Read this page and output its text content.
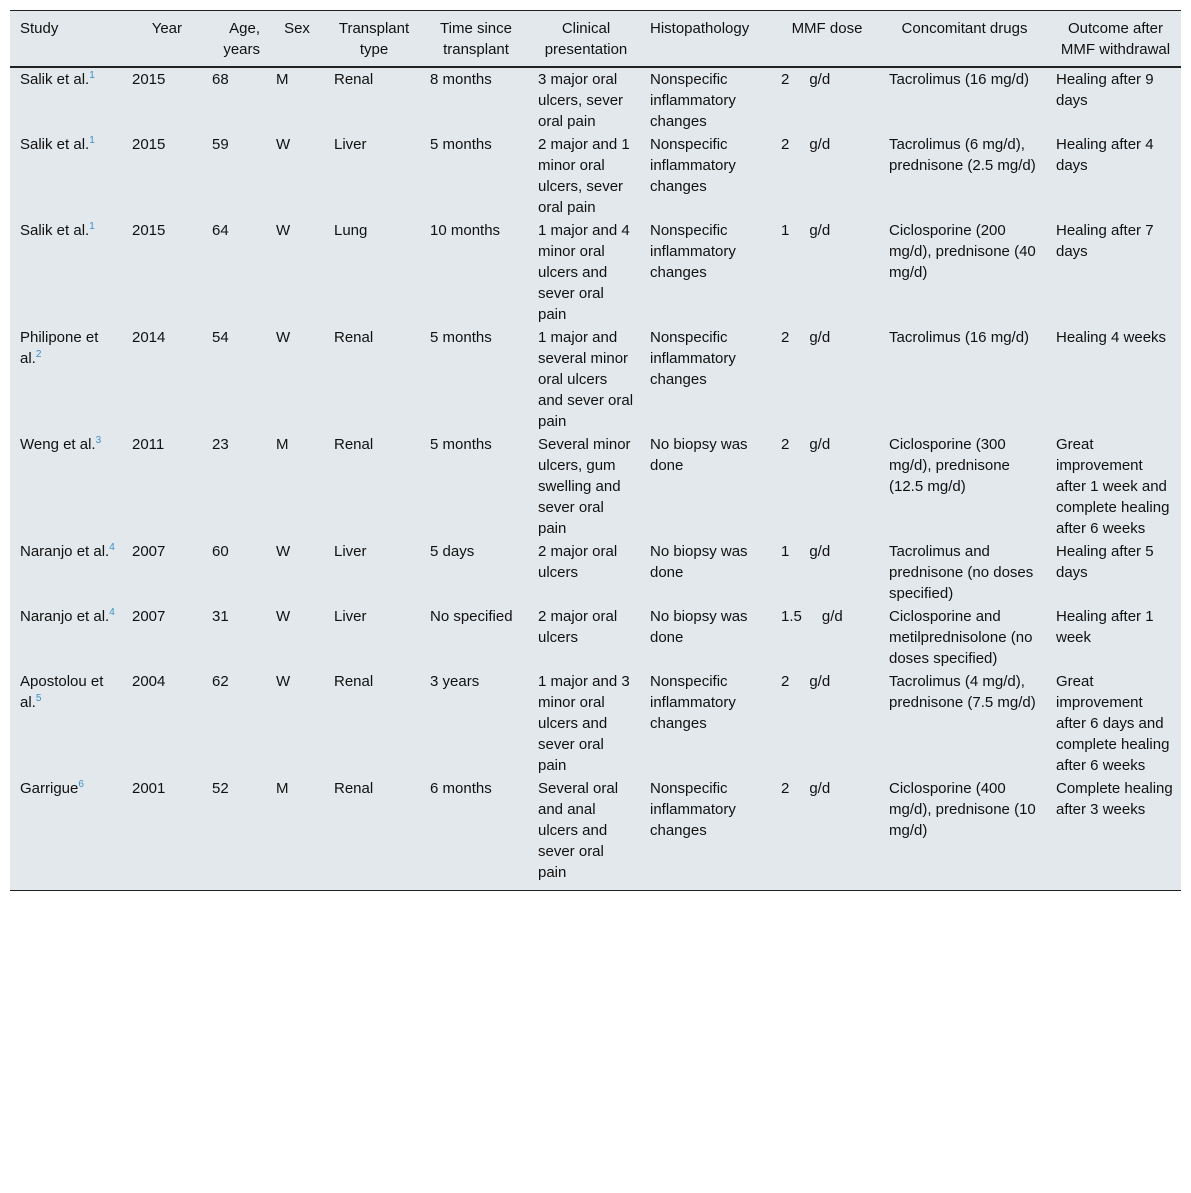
Study	Year	Age, years	Sex	Transplant type	Time since transplant	Clinical presentation	Histopathology	MMF dose	Concomitant drugs	Outcome after MMF withdrawal
Salik et al.$^1$	2015	68	M	Renal	8 months	3 major oral ulcers, sever oral pain	Nonspecific inflammatory changes	2 g/d	Tacrolimus (16 mg/d)	Healing after 9 days
Salik et al.$^1$	2015	59	W	Liver	5 months	2 major and 1 minor oral ulcers, sever oral pain	Nonspecific inflammatory changes	2 g/d	Tacrolimus (6 mg/d), prednisone (2.5 mg/d)	Healing after 4 days
Salik et al.$^1$	2015	64	W	Lung	10 months	1 major and 4 minor oral ulcers and sever oral pain	Nonspecific inflammatory changes	1 g/d	Ciclosporine (200 mg/d), prednisone (40 mg/d)	Healing after 7 days
Philipone et al.$^2$	2014	54	W	Renal	5 months	1 major and several minor oral ulcers and sever oral pain	Nonspecific inflammatory changes	2 g/d	Tacrolimus (16 mg/d)	Healing 4 weeks
Weng et al.$^3$	2011	23	M	Renal	5 months	Several minor ulcers, gum swelling and sever oral pain	No biopsy was done	2 g/d	Ciclosporine (300 mg/d), prednisone (12.5 mg/d)	Great improvement after 1 week and complete healing after 6 weeks
Naranjo et al.$^4$	2007	60	W	Liver	5 days	2 major oral ulcers	No biopsy was done	1 g/d	Tacrolimus and prednisone (no doses specified)	Healing after 5 days
Naranjo et al.$^4$	2007	31	W	Liver	No specified	2 major oral ulcers	No biopsy was done	1.5 g/d	Ciclosporine and metilprednisolone (no doses specified)	Healing after 1 week
Apostolou et al.$^5$	2004	62	W	Renal	3 years	1 major and 3 minor oral ulcers and sever oral pain	Nonspecific inflammatory changes	2 g/d	Tacrolimus (4 mg/d), prednisone (7.5 mg/d)	Great improvement after 6 days and complete healing after 6 weeks
Garrigue$^6$	2001	52	M	Renal	6 months	Several oral and anal ulcers and sever oral pain	Nonspecific inflammatory changes	2 g/d	Ciclosporine (400 mg/d), prednisone (10 mg/d)	Complete healing after 3 weeks
